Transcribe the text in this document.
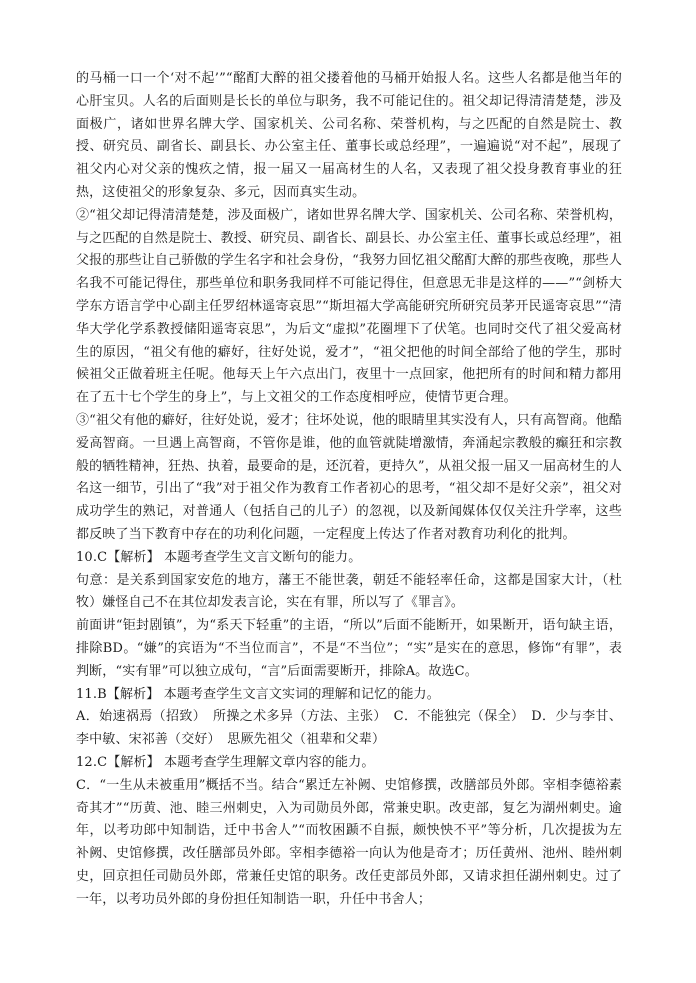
的马桶一口一个‘对不起’”“酩酊大醉的祖父搂着他的马桶开始报人名。这些人名都是他当年的心肝宝贝。人名的后面则是长长的单位与职务，我不可能记住的。祖父却记得清清楚楚，涉及面极广，诸如世界名牌大学、国家机关、公司名称、荣誉机构，与之匹配的自然是院士、教授、研究员、副省长、副县长、办公室主任、董事长或总经理”，一遍遍说“对不起”，展现了祖父内心对父亲的愧疚之情，报一届又一届高材生的人名，又表现了祖父投身教育事业的狂热，这使祖父的形象复杂、多元，因而真实生动。

②“祖父却记得清清楚楚，涉及面极广，诸如世界名牌大学、国家机关、公司名称、荣誉机构，与之匹配的自然是院士、教授、研究员、副省长、副县长、办公室主任、董事长或总经理”，祖父报的那些让自己骄傲的学生名字和社会身份，“我努力回忆祖父酩酊大醉的那些夜晚，那些人名我不可能记得住，那些单位和职务我同样不可能记得住，但意思无非是这样的——”“剑桥大学东方语言学中心副主任罗绍林遥寄哀思”“斯坦福大学高能研究所研究员茅开民遥寄哀思”“清华大学化学系教授储阳遥寄哀思”，为后文“虚拟”花圈埋下了伏笔。也同时交代了祖父爱高材生的原因，“祖父有他的癖好，往好处说，爱才”，“祖父把他的时间全部给了他的学生，那时候祖父正做着班主任呢。他每天上午六点出门，夜里十一点回家，他把所有的时间和精力都用在了五十七个学生的身上”，与上文祖父的工作态度相呼应，使情节更合理。

③“祖父有他的癖好，往好处说，爱才；往坏处说，他的眼睛里其实没有人，只有高智商。他酷爱高智商。一旦遇上高智商，不管你是谁，他的血管就陡增激情，奔涌起宗教般的癫狂和宗教般的牺牲精神，狂热、执着，最要命的是，还沉着，更持久”，从祖父报一届又一届高材生的人名这一细节，引出了“我”对于祖父作为教育工作者初心的思考，“祖父却不是好父亲”，祖父对成功学生的熟记，对普通人（包括自己的儿子）的忽视，以及新闻媒体仅仅关注升学率，这些都反映了当下教育中存在的功利化问题，一定程度上传达了作者对教育功利化的批判。

10.C【解析】 本题考查学生文言文断句的能力。

句意：是关系到国家安危的地方，藩王不能世袭，朝廷不能轻率任命，这都是国家大计，（杜牧）嫌怪自己不在其位却发表言论，实在有罪，所以写了《罪言》。

前面讲“钜封剧镇”，为“系天下轻重”的主语，“所以”后面不能断开，如果断开，语句缺主语，排除BD。“嫌”的宾语为“不当位而言”，不是“不当位”；“实”是实在的意思，修饰“有罪”，表判断，“实有罪”可以独立成句，“言”后面需要断开，排除A。故选C。

11.B【解析】 本题考查学生文言文实词的理解和记忆的能力。

A．始速祸焉（招致）　所操之术多异（方法、主张）　C．不能独完（保全）　D．少与李甘、李中敏、宋祁善（交好）　思厥先祖父（祖辈和父辈）

12.C【解析】 本题考查学生理解文章内容的能力。

C．“一生从未被重用”概括不当。结合“累迁左补阙、史馆修撰，改膳部员外郎。宰相李德裕素奇其才”“历黄、池、睦三州刺史，入为司勋员外郎，常兼史职。改吏部，复乞为湖州刺史。逾年，以考功郎中知制诰，迁中书舍人”“而牧困踬不自振，颇怏怏不平”等分析，几次提拔为左补阙、史馆修撰，改任膳部员外郎。宰相李德裕一向认为他是奇才；历任黄州、池州、睦州刺史，回京担任司勋员外郎，常兼任史馆的职务。改任吏部员外郎，又请求担任湖州刺史。过了一年，以考功员外郎的身份担任知制诰一职，升任中书舍人；
